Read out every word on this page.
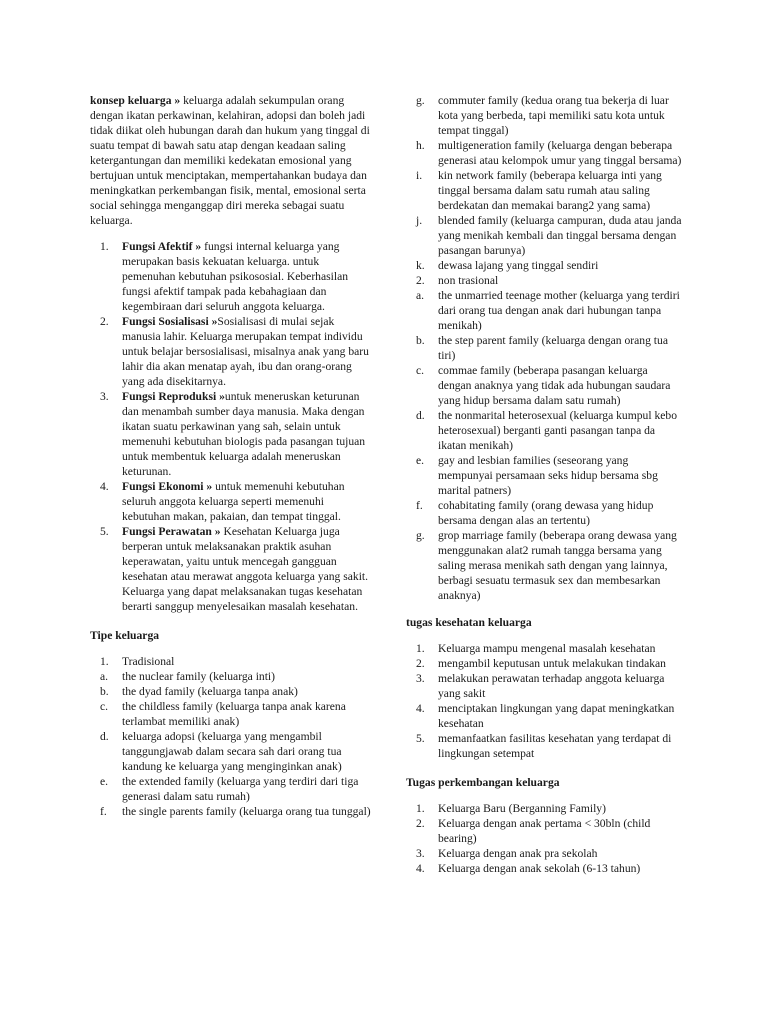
konsep keluarga » keluarga adalah sekumpulan orang dengan ikatan perkawinan, kelahiran, adopsi dan boleh jadi tidak diikat oleh hubungan darah dan hukum yang tinggal di suatu tempat di bawah satu atap dengan keadaan saling ketergantungan dan memiliki kedekatan emosional yang bertujuan untuk menciptakan, mempertahankan budaya dan meningkatkan perkembangan fisik, mental, emosional serta social sehingga menganggap diri mereka sebagai suatu keluarga.

1. Fungsi Afektif » fungsi internal keluarga yang merupakan basis kekuatan keluarga. untuk pemenuhan kebutuhan psikososial. Keberhasilan fungsi afektif tampak pada kebahagiaan dan kegembiraan dari seluruh anggota keluarga.
2. Fungsi Sosialisasi »Sosialisasi di mulai sejak manusia lahir. Keluarga merupakan tempat individu untuk belajar bersosialisasi, misalnya anak yang baru lahir dia akan menatap ayah, ibu dan orang-orang yang ada disekitarnya.
3. Fungsi Reproduksi »untuk meneruskan keturunan dan menambah sumber daya manusia. Maka dengan ikatan suatu perkawinan yang sah, selain untuk memenuhi kebutuhan biologis pada pasangan tujuan untuk membentuk keluarga adalah meneruskan keturunan.
4. Fungsi Ekonomi » untuk memenuhi kebutuhan seluruh anggota keluarga seperti memenuhi kebutuhan makan, pakaian, dan tempat tinggal.
5. Fungsi Perawatan » Kesehatan Keluarga juga berperan untuk melaksanakan praktik asuhan keperawatan, yaitu untuk mencegah gangguan kesehatan atau merawat anggota keluarga yang sakit. Keluarga yang dapat melaksanakan tugas kesehatan berarti sanggup menyelesaikan masalah kesehatan.

Tipe keluarga

1. Tradisional
a. the nuclear family (keluarga inti)
b. the dyad family (keluarga tanpa anak)
c. the childless family (keluarga tanpa anak karena terlambat memiliki anak)
d. keluarga adopsi (keluarga yang mengambil tanggungjawab dalam secara sah dari orang tua kandung ke keluarga yang menginginkan anak)
e. the extended family (keluarga yang terdiri dari tiga generasi dalam satu rumah)
f. the single parents family (keluarga orang tua tunggal)
g. commuter family (kedua orang tua bekerja di luar kota yang berbeda, tapi memiliki satu kota untuk tempat tinggal)
h. multigeneration family (keluarga dengan beberapa generasi atau kelompok umur yang tinggal bersama)
i. kin network family (beberapa keluarga inti yang tinggal bersama dalam satu rumah atau saling berdekatan dan memakai barang2 yang sama)
j. blended family (keluarga campuran, duda atau janda yang menikah kembali dan tinggal bersama dengan pasangan barunya)
k. dewasa lajang yang tinggal sendiri
2. non trasional
a. the unmarried teenage mother (keluarga yang terdiri dari orang tua dengan anak dari hubungan tanpa menikah)
b. the step parent family (keluarga dengan orang tua tiri)
c. commae family (beberapa pasangan keluarga dengan anaknya yang tidak ada hubungan saudara yang hidup bersama dalam satu rumah)
d. the nonmarital heterosexual (keluarga kumpul kebo heterosexual) berganti ganti pasangan tanpa da ikatan menikah)
e. gay and lesbian families (seseorang yang mempunyai persamaan seks hidup bersama sbg marital patners)
f. cohabitating family (orang dewasa yang hidup bersama dengan alas an tertentu)
g. grop marriage family (beberapa orang dewasa yang menggunakan alat2 rumah tangga bersama yang saling merasa menikah sath dengan yang lainnya, berbagi sesuatu termasuk sex dan membesarkan anaknya)

tugas kesehatan keluarga

1. Keluarga mampu mengenal masalah kesehatan
2. mengambil keputusan untuk melakukan tindakan
3. melakukan perawatan terhadap anggota keluarga yang sakit
4. menciptakan lingkungan yang dapat meningkatkan kesehatan
5. memanfaatkan fasilitas kesehatan yang terdapat di lingkungan setempat

Tugas perkembangan keluarga

1. Keluarga Baru (Berganning Family)
2. Keluarga dengan anak pertama < 30bln (child bearing)
3. Keluarga dengan anak pra sekolah
4. Keluarga dengan anak sekolah (6-13 tahun)
